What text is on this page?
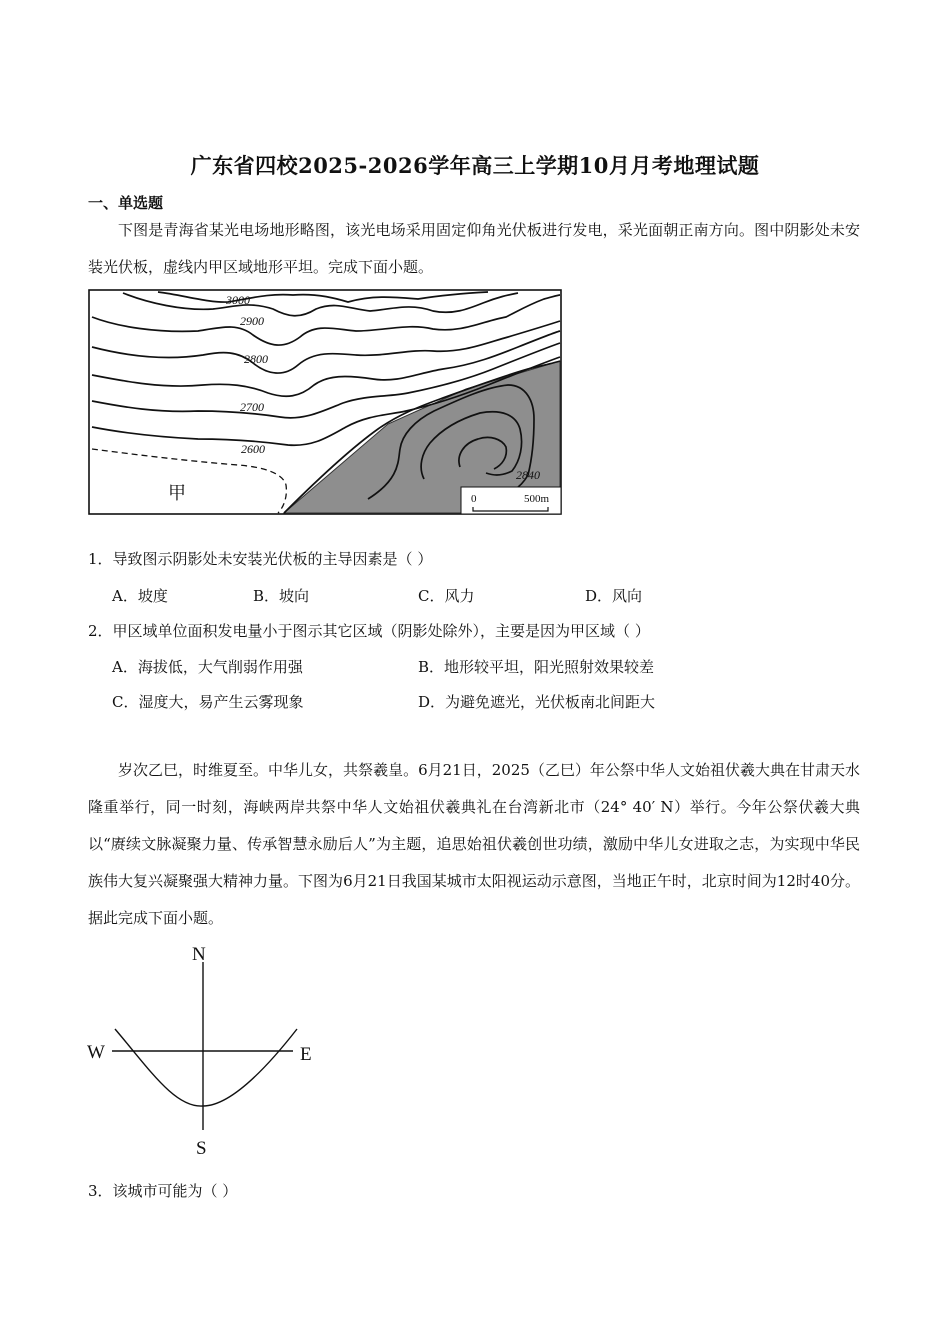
广东省四校2025-2026学年高三上学期10月月考地理试题
一、单选题
下图是青海省某光电场地形略图，该光电场采用固定仰角光伏板进行发电，采光面朝正南方向。图中阴影处未安装光伏板，虚线内甲区域地形平坦。完成下面小题。
3000
2900
2800
2700
2600
2840
甲	0	500m
1．导致图示阴影处未安装光伏板的主导因素是（ ）
A．坡度	B．坡向	C．风力	D．风向
2．甲区域单位面积发电量小于图示其它区域（阴影处除外），主要是因为甲区域（ ）
A．海拔低，大气削弱作用强	B．地形较平坦，阳光照射效果较差
C．湿度大，易产生云雾现象	D．为避免遮光，光伏板南北间距大
岁次乙巳，时维夏至。中华儿女，共祭羲皇。6月21日，2025（乙巳）年公祭中华人文始祖伏羲大典在甘肃天水隆重举行，同一时刻，海峡两岸共祭中华人文始祖伏羲典礼在台湾新北市（24° 40′ N）举行。今年公祭伏羲大典以“赓续文脉凝聚力量、传承智慧永励后人”为主题，追思始祖伏羲创世功绩，激励中华儿女进取之志，为实现中华民族伟大复兴凝聚强大精神力量。下图为6月21日我国某城市太阳视运动示意图，当地正午时，北京时间为12时40分。据此完成下面小题。
N
S
W	E
3．该城市可能为（ ）
